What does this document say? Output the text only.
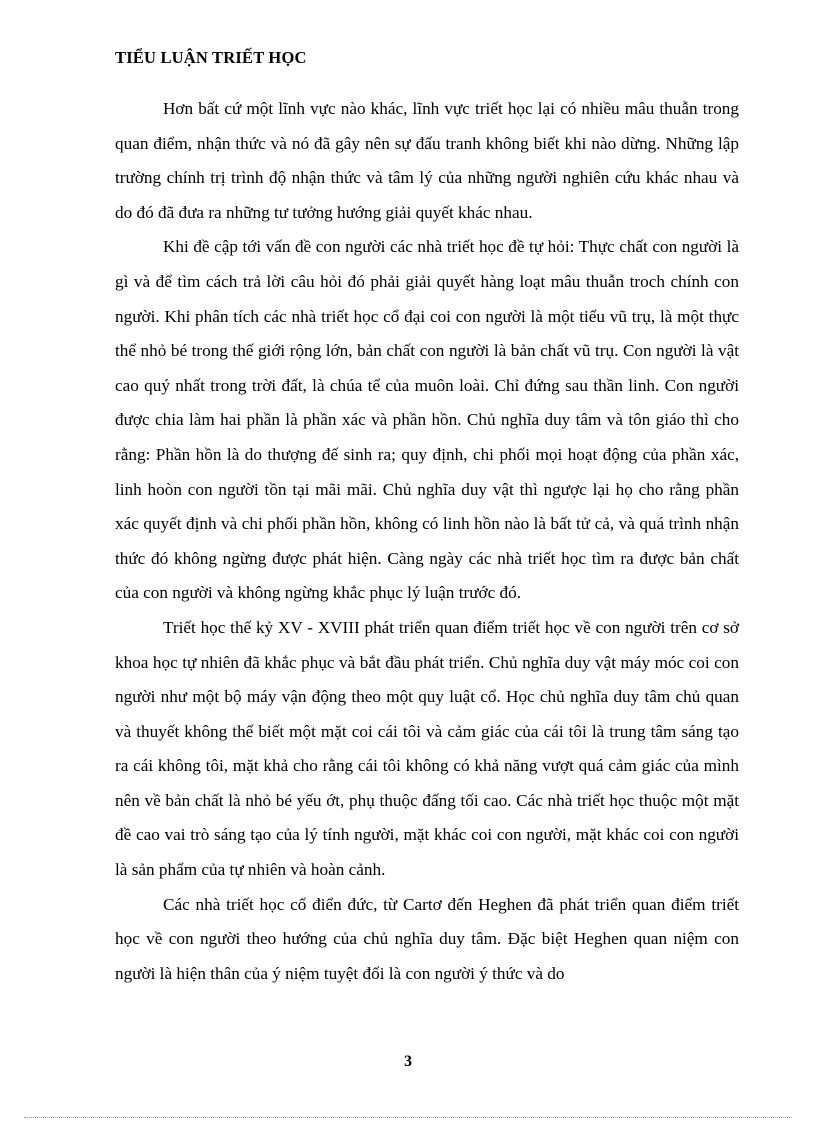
TIỂU LUẬN TRIẾT HỌC

Hơn bất cứ một lĩnh vực nào khác, lĩnh vực triết học lại có nhiều mâu thuẫn trong quan điểm, nhận thức và nó đã gây nên sự đấu tranh không biết khi nào dừng. Những lập trường chính trị trình độ nhận thức và tâm lý của những người nghiên cứu khác nhau và do đó đã đưa ra những tư tưởng hướng giải quyết khác nhau.

Khi đề cập tới vấn đề con người các nhà triết học đề tự hỏi: Thực chất con người là gì và để tìm cách trả lời câu hỏi đó phải giải quyết hàng loạt mâu thuẫn troch chính con người. Khi phân tích các nhà triết học cổ đại coi con người là một tiểu vũ trụ, là một thực thể nhỏ bé trong thế giới rộng lớn, bản chất con người là bản chất vũ trụ. Con người là vật cao quý nhất trong trời đất, là chúa tể của muôn loài. Chỉ đứng sau thần linh. Con người được chia làm hai phần là phần xác và phần hồn. Chủ nghĩa duy tâm và tôn giáo thì cho rằng: Phần hồn là do thượng đế sinh ra; quy định, chi phối mọi hoạt động của phần xác, linh hoòn con người tồn tại mãi mãi. Chủ nghĩa duy vật thì ngược lại họ cho rằng phần xác quyết định và chi phối phần hồn, không có linh hồn nào là bất tử cả, và quá trình nhận thức đó không ngừng được phát hiện. Càng ngày các nhà triết học tìm ra được bản chất của con người và không ngừng khắc phục lý luận trước đó.

Triết học thế kỷ XV - XVIII phát triển quan điểm triết học về con người trên cơ sở khoa học tự nhiên đã khắc phục và bắt đầu phát triển. Chủ nghĩa duy vật máy móc coi con người như một bộ máy vận động theo một quy luật cổ. Học chủ nghĩa duy tâm chủ quan và thuyết không thể biết một mặt coi cái tôi và cảm giác của cái tôi là trung tâm sáng tạo ra cái không tôi, mặt khả cho rằng cái tôi không có khả năng vượt quá cảm giác của mình nên về bản chất là nhỏ bé yếu ớt, phụ thuộc đấng tối cao. Các nhà triết học thuộc một mặt đề cao vai trò sáng tạo của lý tính người, mặt khác coi con người, mặt khác coi con người là sản phẩm của tự nhiên và hoàn cảnh.

Các nhà triết học cổ điển đức, từ Cartơ đến Heghen đã phát triển quan điểm triết học về con người theo hướng của chủ nghĩa duy tâm. Đặc biệt Heghen quan niệm con người là hiện thân của ý niệm tuyệt đối là con người ý thức và do

3
